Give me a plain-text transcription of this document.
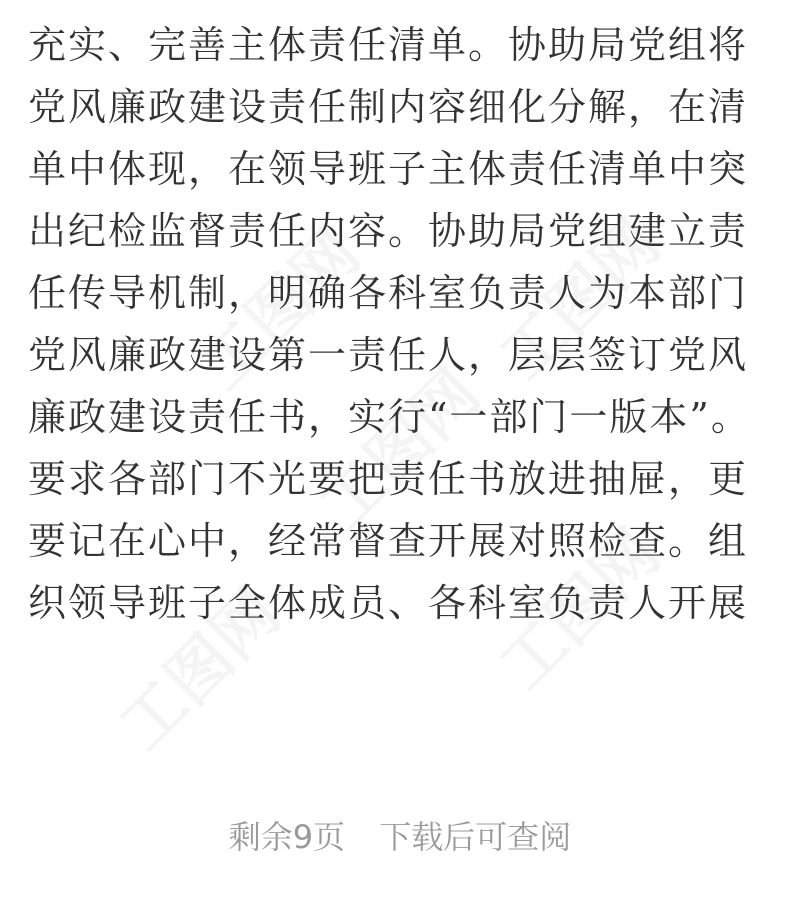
充实、完善主体责任清单。协助局党组将
党风廉政建设责任制内容细化分解，在清
单中体现，在领导班子主体责任清单中突
出纪检监督责任内容。协助局党组建立责
任传导机制，明确各科室负责人为本部门
党风廉政建设第一责任人，层层签订党风
廉政建设责任书，实行“一部门一版本”。
要求各部门不光要把责任书放进抽屉，更
要记在心中，经常督查开展对照检查。组
织领导班子全体成员、各科室负责人开展
剩余9页 下载后可查阅
